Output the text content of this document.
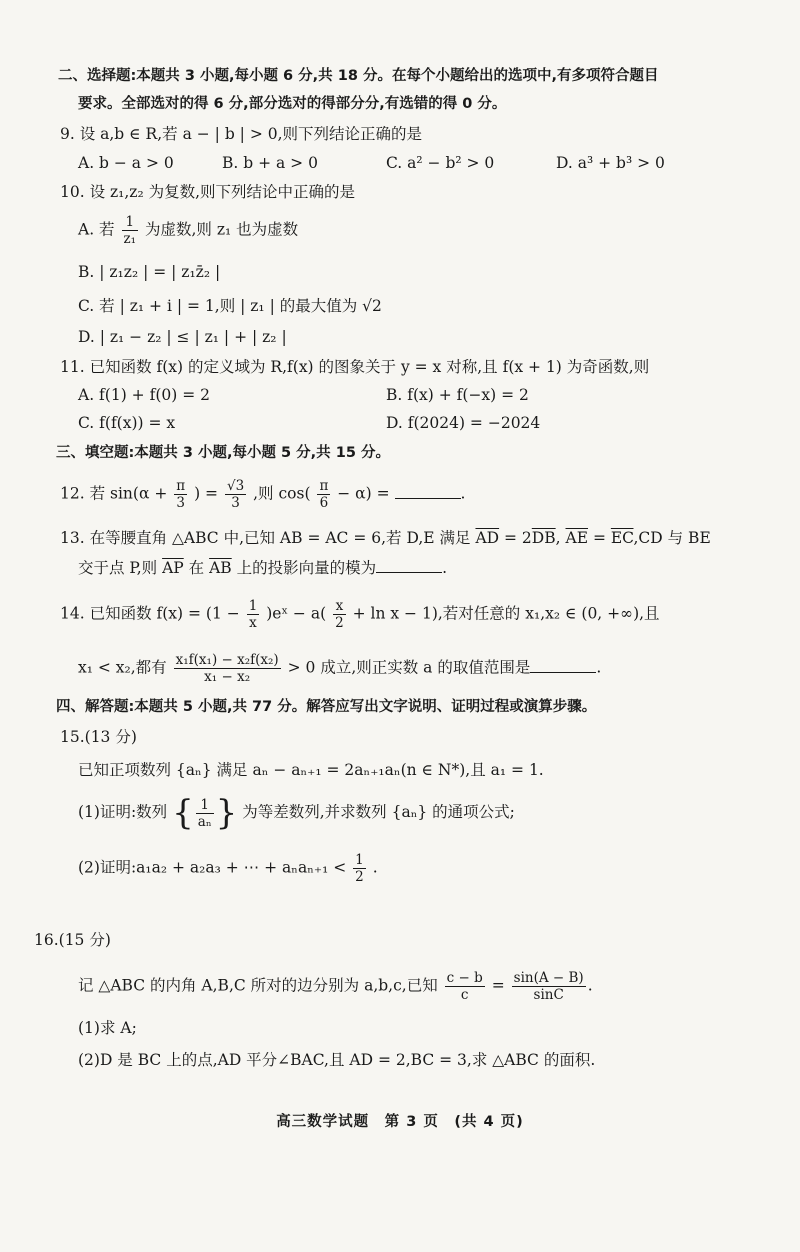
二、选择题:本题共 3 小题,每小题 6 分,共 18 分。在每个小题给出的选项中,有多项符合题目
要求。全部选对的得 6 分,部分选对的得部分分,有选错的得 0 分。
9. 设 a,b ∈ R,若 a − | b | > 0,则下列结论正确的是
A. b − a > 0	B. b + a > 0	C. a² − b² > 0	D. a³ + b³ > 0
10. 设 z₁,z₂ 为复数,则下列结论中正确的是
A. 若 $\frac{1}{\text{z₁}}$ 为虚数,则 z₁ 也为虚数
B. | z₁z₂ | = | z₁z̄₂ |
C. 若 | z₁ + i | = 1,则 | z₁ | 的最大值为 √2
D. | z₁ − z₂ | ≤ | z₁ | + | z₂ |
11. 已知函数 f(x) 的定义域为 R,f(x) 的图象关于 y = x 对称,且 f(x + 1) 为奇函数,则
A. f(1) + f(0) = 2	B. f(x) + f(−x) = 2
C. f(f(x)) = x	D. f(2024) = −2024
三、填空题:本题共 3 小题,每小题 5 分,共 15 分。
12. 若 $\sin(\alpha + \frac{\pi}{3}$ ) = $\frac{√3}{3}$ ,则 $\cos( \frac{\pi}{6} - \alpha)$ =	.
13. 在等腰直角 △ABC 中,已知 AB = AC = 6,若 D,E 满足 $\overline{AD} = 2\overline{DB}$, $\overline{AE} = \overline{EC},CD$ 与 BE
交于点 P,则 $\overline{AP}$ 在 $\overline{AB}$ 上的投影向量的模为	.
14. 已知函数 $f(x) = (1 - \frac{1}{x}$ )eˣ − $a( \frac{x}{2} + \ln x - 1)$,若对任意的 x₁,x₂ ∈ (0, +∞),且
x₁ < x₂,都有 $\frac{\text{x₁f(x₁) − x₂f(x₂)}}{\text{x₁ − x₂}} > 0$ 成立,则正实数 a 的取值范围是	.
四、解答题:本题共 5 小题,共 77 分。解答应写出文字说明、证明过程或演算步骤。
15.(13 分)
已知正项数列 {aₙ} 满足 aₙ − aₙ₊₁ = 2aₙ₊₁aₙ(n ∈ N*),且 a₁ = 1.
(1)证明:数列 { $\frac{1}{\text{aₙ}}$ } 为等差数列,并求数列 {aₙ} 的通项公式;
(2)证明:a₁a₂ + a₂a₃ + ⋯ + $a_na_{n+1} < \frac{1}{2}$ .
16.(15 分)
记 △ABC 的内角 A,B,C 所对的边分别为 a,b,c,已知 $\frac{c - b}{c} = \frac{\sin(A - B)}{\sin C}$ .
(1)求 A;
(2)D 是 BC 上的点,AD 平分∠BAC,且 AD = 2,BC = 3,求 △ABC 的面积.
高三数学试题　第 3 页　(共 4 页)
